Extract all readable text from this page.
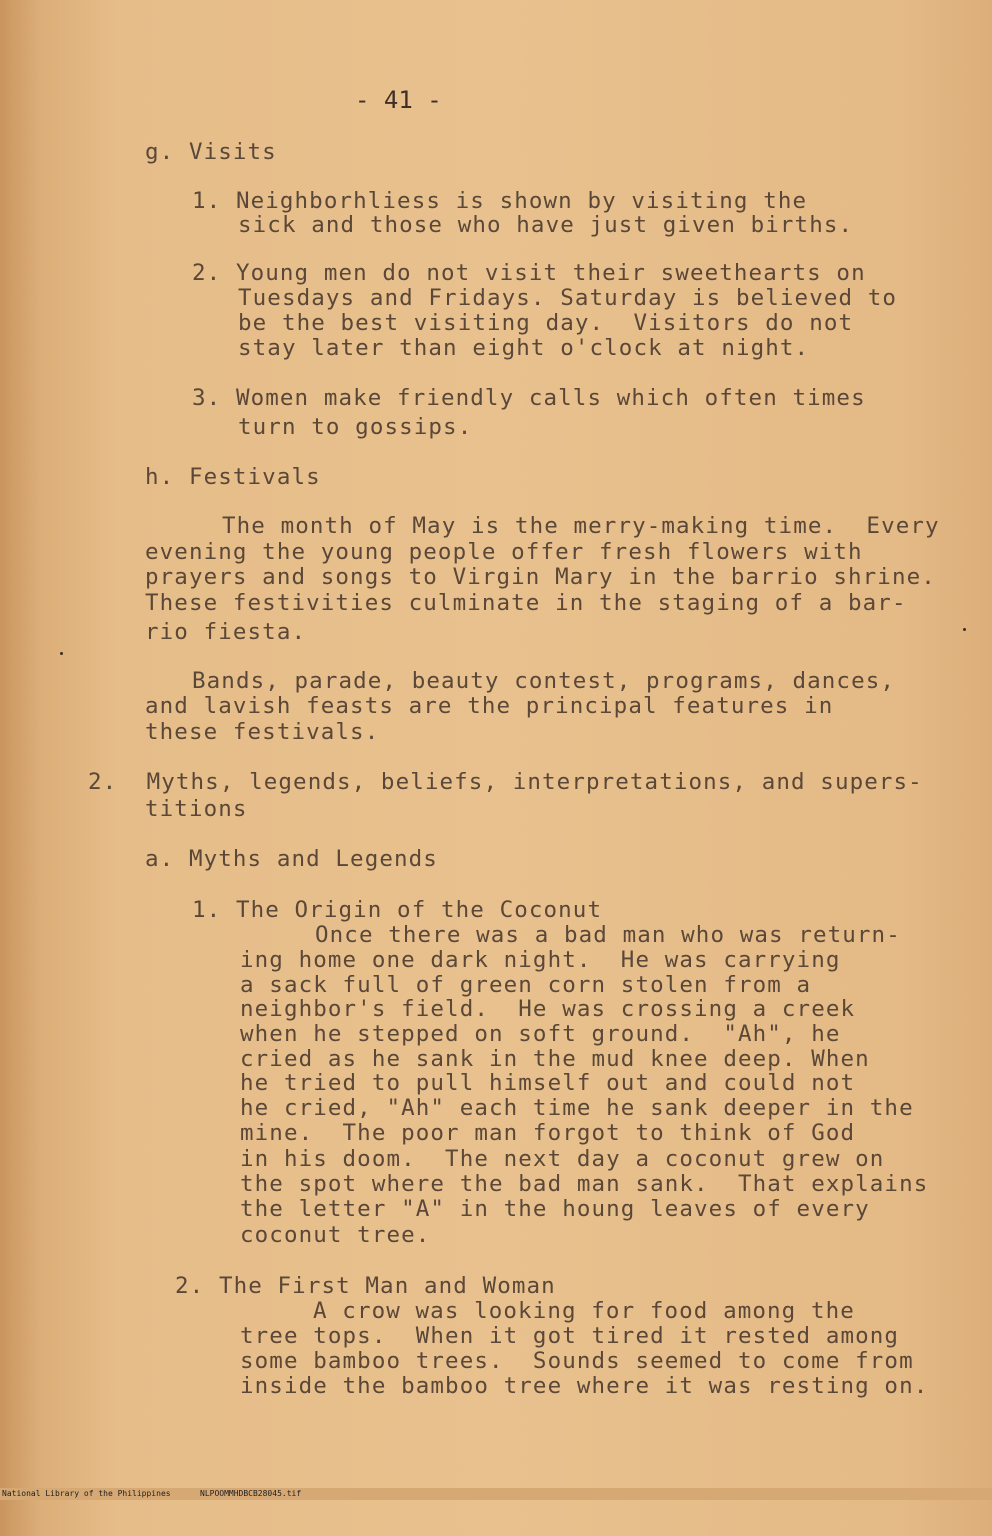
- 41 -
g. Visits
1. Neighborhliess is shown by visiting the
sick and those who have just given births.
2. Young men do not visit their sweethearts on
Tuesdays and Fridays. Saturday is believed to
be the best visiting day.  Visitors do not
stay later than eight o'clock at night.
3. Women make friendly calls which often times
turn to gossips.
h. Festivals
The month of May is the merry-making time.  Every
evening the young people offer fresh flowers with
prayers and songs to Virgin Mary in the barrio shrine.
These festivities culminate in the staging of a bar-
rio fiesta.
Bands, parade, beauty contest, programs, dances,
and lavish feasts are the principal features in
these festivals.
2.  Myths, legends, beliefs, interpretations, and supers-
titions
a. Myths and Legends
1. The Origin of the Coconut
Once there was a bad man who was return-
ing home one dark night.  He was carrying
a sack full of green corn stolen from a
neighbor's field.  He was crossing a creek
when he stepped on soft ground.  "Ah", he
cried as he sank in the mud knee deep. When
he tried to pull himself out and could not
he cried, "Ah" each time he sank deeper in the
mine.  The poor man forgot to think of God
in his doom.  The next day a coconut grew on
the spot where the bad man sank.  That explains
the letter "A" in the houng leaves of every
coconut tree.
2. The First Man and Woman
A crow was looking for food among the
tree tops.  When it got tired it rested among
some bamboo trees.  Sounds seemed to come from
inside the bamboo tree where it was resting on.

National Library of the Philippines

	NLPOOMMHDBCB28045.tif
